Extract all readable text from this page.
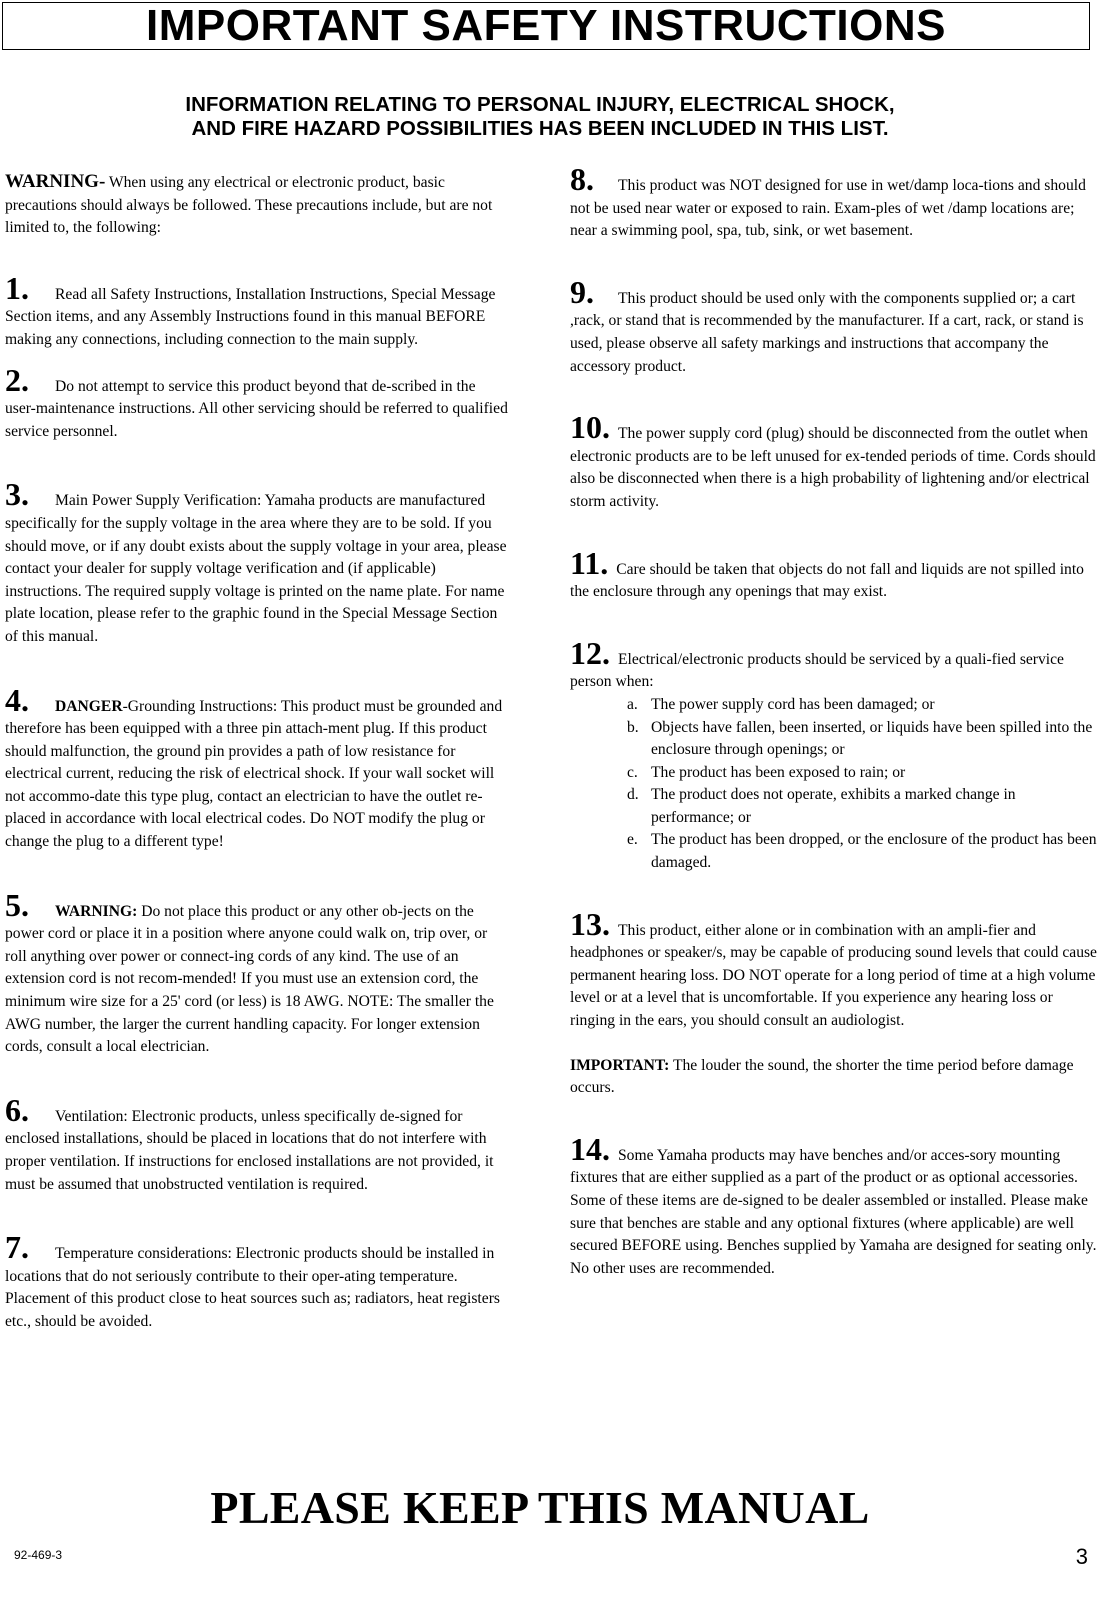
IMPORTANT SAFETY INSTRUCTIONS
INFORMATION RELATING TO PERSONAL INJURY, ELECTRICAL SHOCK,
AND FIRE HAZARD POSSIBILITIES HAS BEEN INCLUDED IN THIS LIST.

WARNING- When using any electrical or electronic product, basic precautions should always be followed. These precautions include, but are not limited to, the following:

1. Read all Safety Instructions, Installation Instructions, Special Message Section items, and any Assembly Instructions found in this manual BEFORE making any connections, including connection to the main supply.

2. Do not attempt to service this product beyond that de-scribed in the user-maintenance instructions. All other servicing should be referred to qualified service personnel.

3. Main Power Supply Verification: Yamaha products are manufactured specifically for the supply voltage in the area where they are to be sold. If you should move, or if any doubt exists about the supply voltage in your area, please contact your dealer for supply voltage verification and (if applicable) instructions. The required supply voltage is printed on the name plate. For name plate location, please refer to the graphic found in the Special Message Section of this manual.

4. DANGER-Grounding Instructions: This product must be grounded and therefore has been equipped with a three pin attach-ment plug. If this product should malfunction, the ground pin provides a path of low resistance for electrical current, reducing the risk of electrical shock. If your wall socket will not accommo-date this type plug, contact an electrician to have the outlet re-placed in accordance with local electrical codes. Do NOT modify the plug or change the plug to a different type!

5. WARNING: Do not place this product or any other ob-jects on the power cord or place it in a position where anyone could walk on, trip over, or roll anything over power or connect-ing cords of any kind. The use of an extension cord is not recom-mended! If you must use an extension cord, the minimum wire size for a 25' cord (or less) is 18 AWG. NOTE: The smaller the AWG number, the larger the current handling capacity. For longer extension cords, consult a local electrician.

6. Ventilation: Electronic products, unless specifically de-signed for enclosed installations, should be placed in locations that do not interfere with proper ventilation. If instructions for enclosed installations are not provided, it must be assumed that unobstructed ventilation is required.

7. Temperature considerations: Electronic products should be installed in locations that do not seriously contribute to their oper-ating temperature. Placement of this product close to heat sources such as; radiators, heat registers etc., should be avoided.

8. This product was NOT designed for use in wet/damp loca-tions and should not be used near water or exposed to rain. Exam-ples of wet /damp locations are; near a swimming pool, spa, tub, sink, or wet basement.

9. This product should be used only with the components supplied or; a cart ,rack, or stand that is recommended by the manufacturer. If a cart, rack, or stand is used, please observe all safety markings and instructions that accompany the accessory product.

10. The power supply cord (plug) should be disconnected from the outlet when electronic products are to be left unused for ex-tended periods of time. Cords should also be disconnected when there is a high probability of lightening and/or electrical storm activity.

11. Care should be taken that objects do not fall and liquids are not spilled into the enclosure through any openings that may exist.

12. Electrical/electronic products should be serviced by a quali-fied service person when:

a. The power supply cord has been damaged; or
b. Objects have fallen, been inserted, or liquids have been spilled into the enclosure through openings; or
c. The product has been exposed to rain; or
d. The product does not operate, exhibits a marked change in performance; or
e. The product has been dropped, or the enclosure of the product has been damaged.

13. This product, either alone or in combination with an ampli-fier and headphones or speaker/s, may be capable of producing sound levels that could cause permanent hearing loss. DO NOT operate for a long period of time at a high volume level or at a level that is uncomfortable. If you experience any hearing loss or ringing in the ears, you should consult an audiologist.

IMPORTANT: The louder the sound, the shorter the time period before damage occurs.

14. Some Yamaha products may have benches and/or acces-sory mounting fixtures that are either supplied as a part of the product or as optional accessories. Some of these items are de-signed to be dealer assembled or installed. Please make sure that benches are stable and any optional fixtures (where applicable) are well secured BEFORE using. Benches supplied by Yamaha are designed for seating only. No other uses are recommended.

PLEASE KEEP THIS MANUAL
92-469-3	3
